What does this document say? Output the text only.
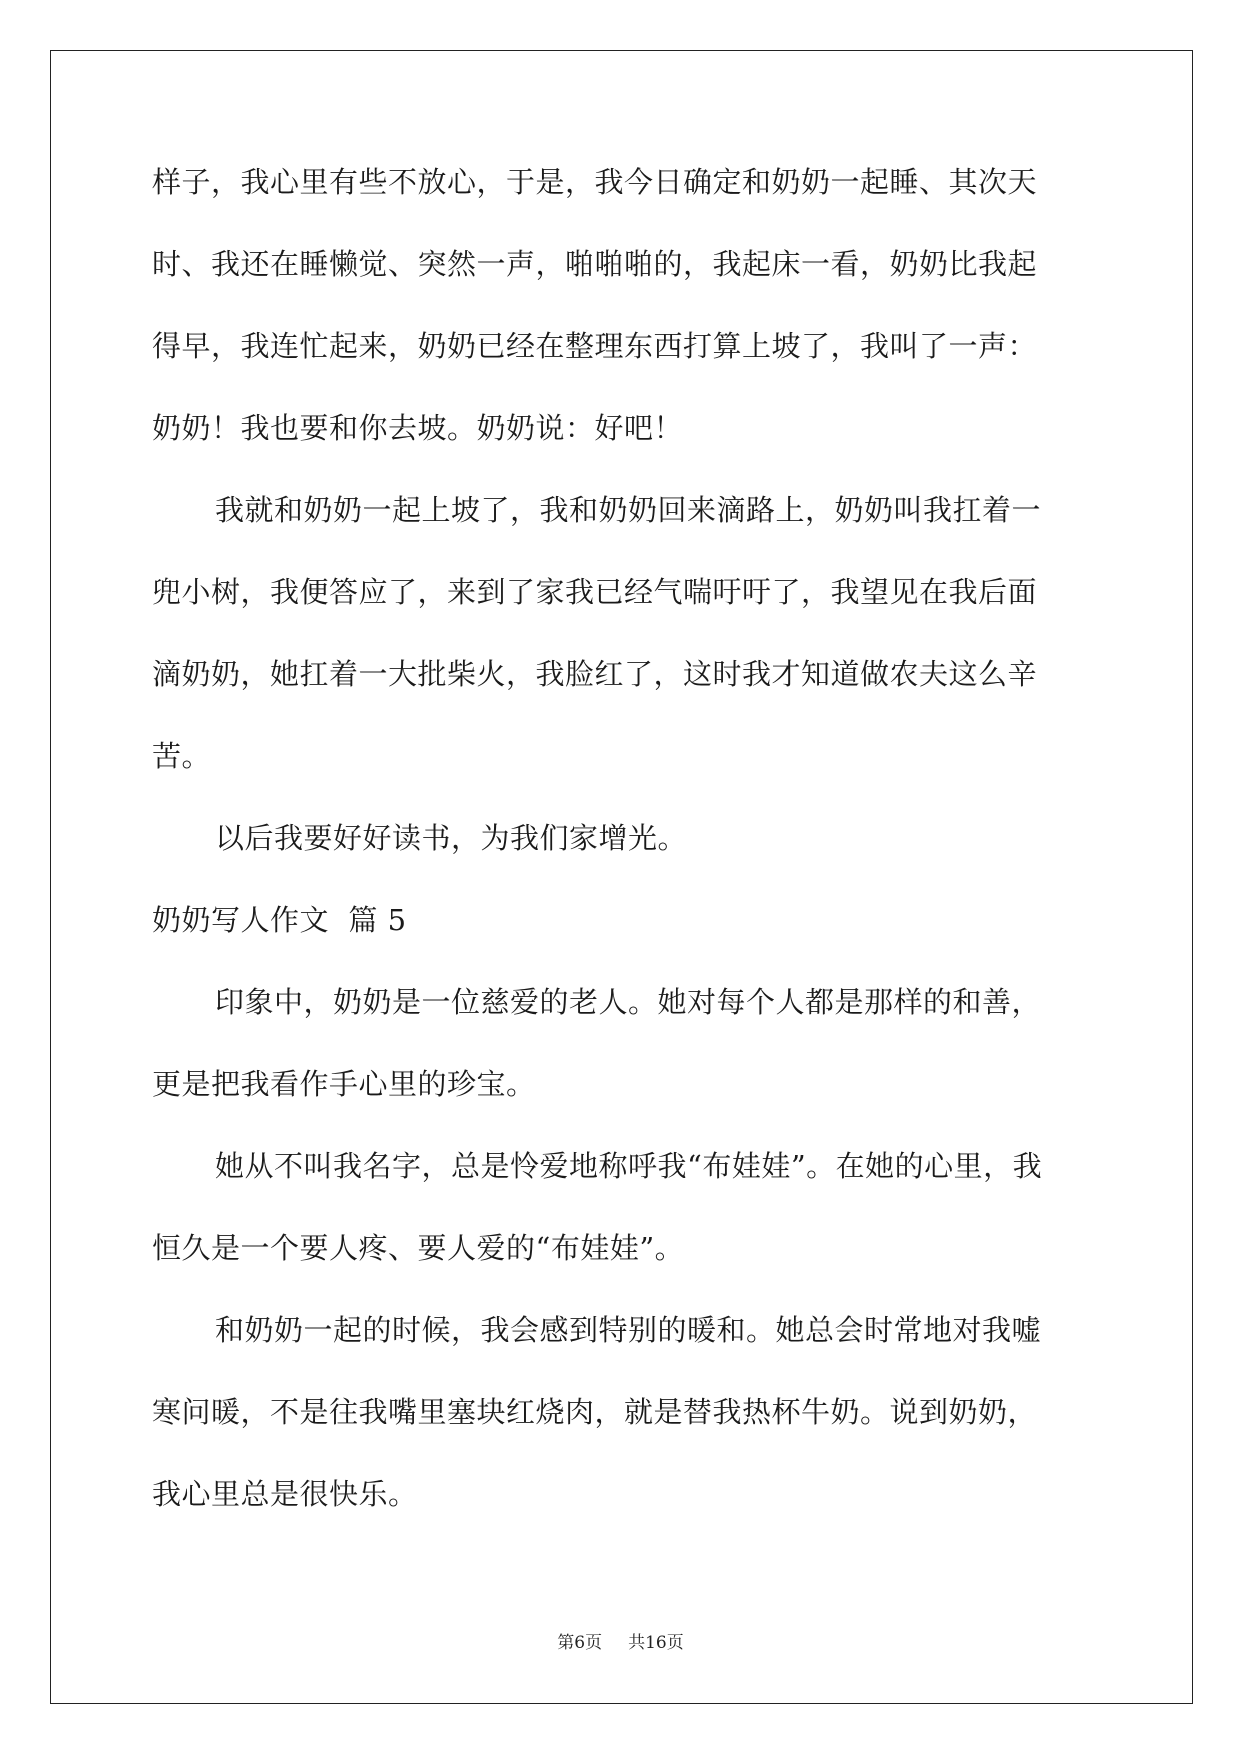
样子，我心里有些不放心，于是，我今日确定和奶奶一起睡、其次天
时、我还在睡懒觉、突然一声，啪啪啪的，我起床一看，奶奶比我起
得早，我连忙起来，奶奶已经在整理东西打算上坡了，我叫了一声：
奶奶！我也要和你去坡。奶奶说：好吧！
我就和奶奶一起上坡了，我和奶奶回来滴路上，奶奶叫我扛着一
兜小树，我便答应了，来到了家我已经气喘吁吁了，我望见在我后面
滴奶奶，她扛着一大批柴火，我脸红了，这时我才知道做农夫这么辛
苦。
以后我要好好读书，为我们家增光。
奶奶写人作文  篇 5
印象中，奶奶是一位慈爱的老人。她对每个人都是那样的和善，
更是把我看作手心里的珍宝。
她从不叫我名字，总是怜爱地称呼我“布娃娃”。在她的心里，我
恒久是一个要人疼、要人爱的“布娃娃”。
和奶奶一起的时候，我会感到特别的暖和。她总会时常地对我嘘
寒问暖，不是往我嘴里塞块红烧肉，就是替我热杯牛奶。说到奶奶，
我心里总是很快乐。
第6页 共16页
